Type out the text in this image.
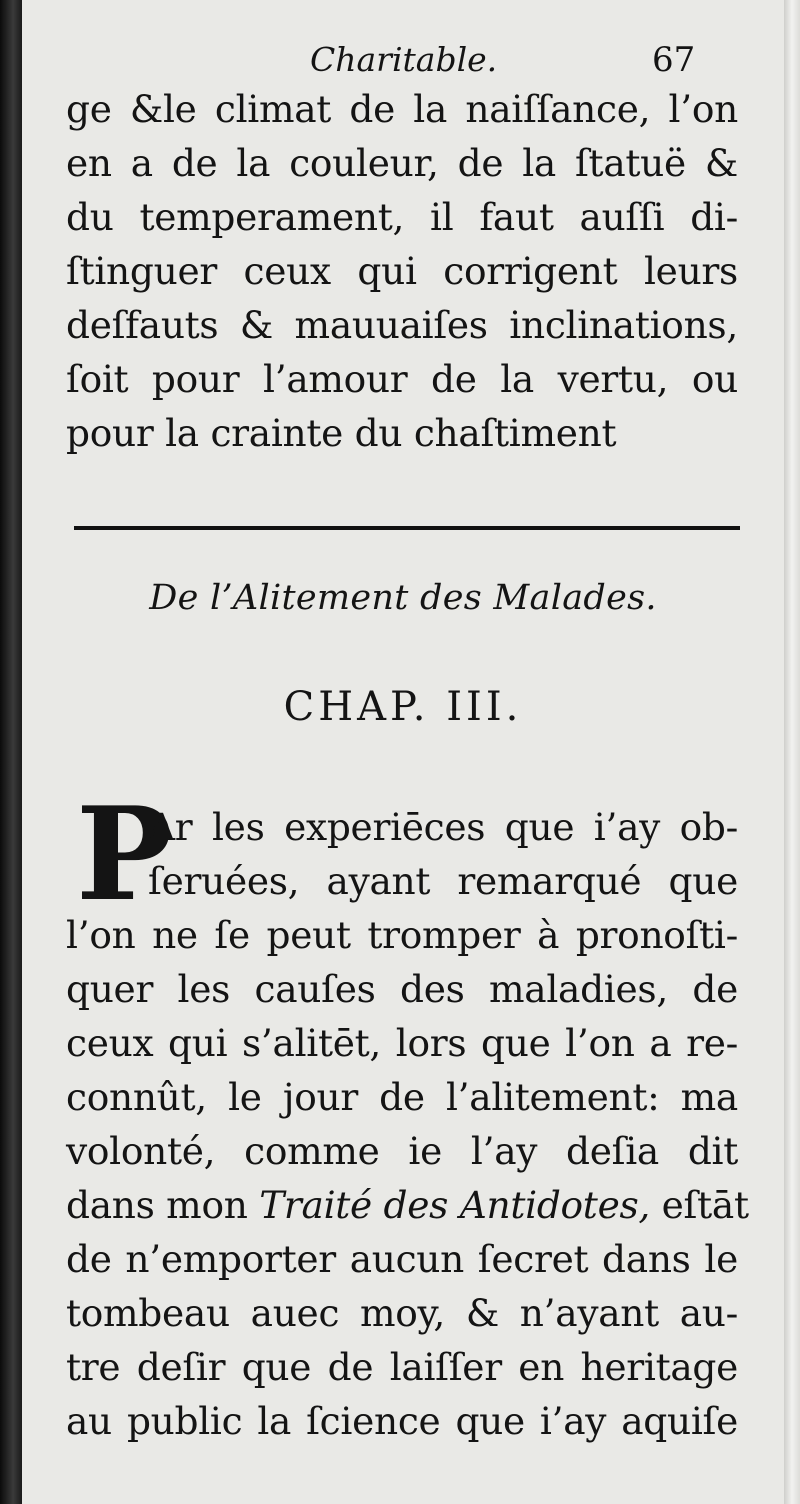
Charitable.	67
ge &le climat de la naiſſance, l’on
en a de la couleur, de la ſtatuë &
du temperament, il faut auſſi di-
ſtinguer ceux qui corrigent leurs
deſfauts & mauuaiſes inclinations,
ſoit pour l’amour de la vertu, ou
pour la crainte du chaſtiment
De l’Alitement des Malades.
CHAP. III.
P
Ar les experiēces que i’ay ob-
ſeruées, ayant remarqué que
l’on ne ſe peut tromper à pronoſti-
quer les cauſes des maladies, de
ceux qui s’alitēt, lors que l’on a re-
connût, le jour de l’alitement: ma
volonté, comme ie l’ay deſia dit
dans mon Traité des Antidotes, eſtāt
de n’emporter aucun ſecret dans le
tombeau auec moy, & n’ayant au-
tre deſir que de laiſſer en heritage
au public la ſcience que i’ay aquiſe
